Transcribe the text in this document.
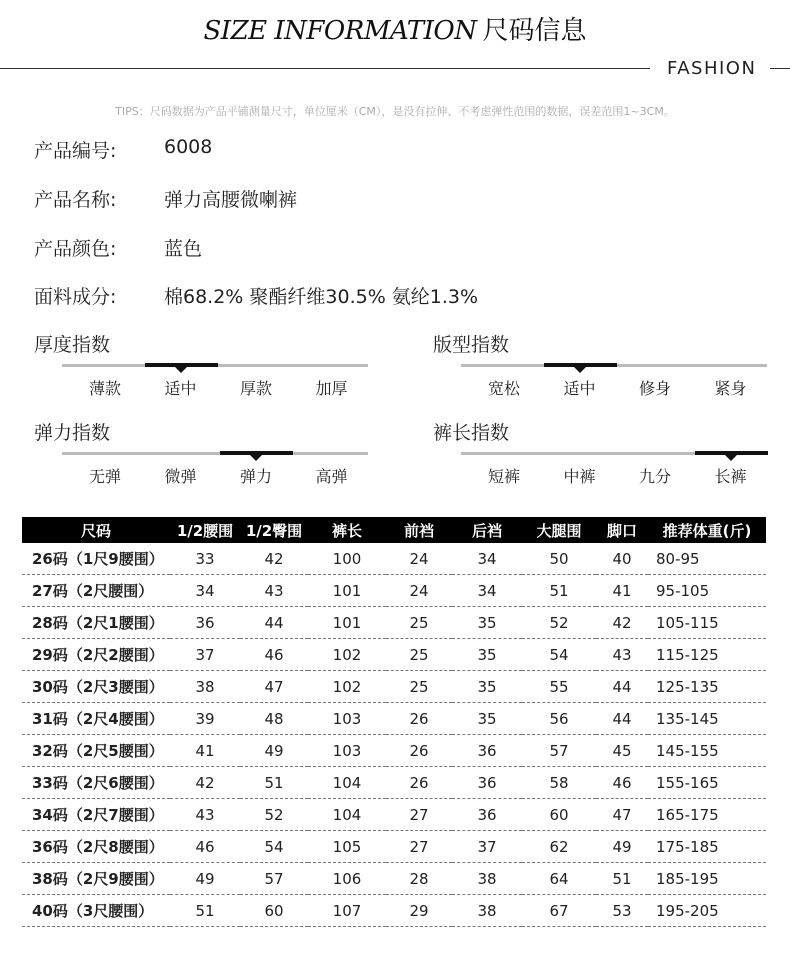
SIZE INFORMATION 尺码信息
FASHION
TIPS：尺码数据为产品平铺测量尺寸，单位厘米（CM），是没有拉伸、不考虑弹性范围的数据，误差范围1~3CM。
产品编号:	6008
产品名称:	弹力高腰微喇裤
产品颜色:	蓝色
面料成分:	棉68.2% 聚酯纤维30.5% 氨纶1.3%
厚度指数
薄款	适中	厚款	加厚
版型指数
宽松	适中	修身	紧身
弹力指数
无弹	微弹	弹力	高弹
裤长指数
短裤	中裤	九分	长裤
尺码	1/2腰围	1/2臀围	裤长	前裆	后裆	大腿围	脚口	推荐体重(斤)
26码（1尺9腰围）	33	42	100	24	34	50	40	80-95
27码（2尺腰围）	34	43	101	24	34	51	41	95-105
28码（2尺1腰围）	36	44	101	25	35	52	42	105-115
29码（2尺2腰围）	37	46	102	25	35	54	43	115-125
30码（2尺3腰围）	38	47	102	25	35	55	44	125-135
31码（2尺4腰围）	39	48	103	26	35	56	44	135-145
32码（2尺5腰围）	41	49	103	26	36	57	45	145-155
33码（2尺6腰围）	42	51	104	26	36	58	46	155-165
34码（2尺7腰围）	43	52	104	27	36	60	47	165-175
36码（2尺8腰围）	46	54	105	27	37	62	49	175-185
38码（2尺9腰围）	49	57	106	28	38	64	51	185-195
40码（3尺腰围）	51	60	107	29	38	67	53	195-205
